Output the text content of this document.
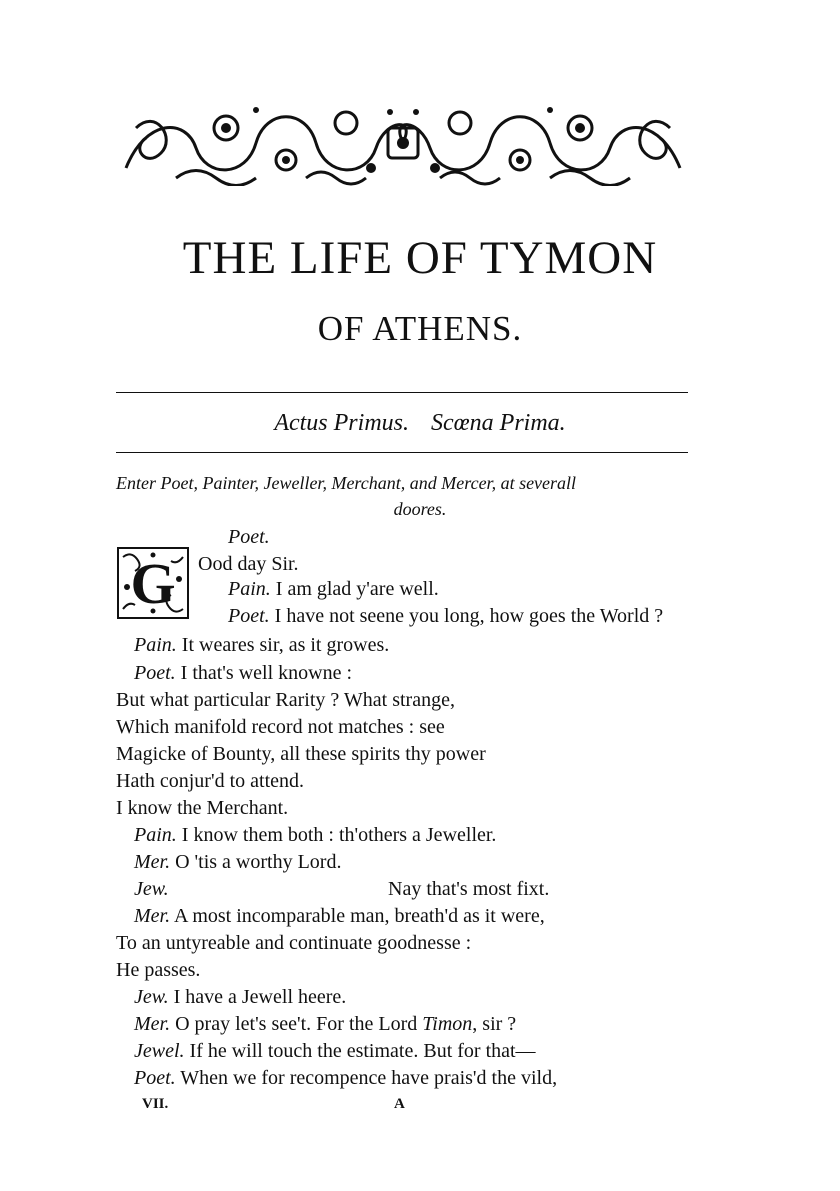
THE LIFE OF TYMON
OF ATHENS.
Actus Primus. Scœna Prima.
Enter Poet, Painter, Jeweller, Merchant, and Mercer, at severall
doores.
Poet.
G Ood day Sir.
Pain. I am glad y'are well.
Poet. I have not seene you long, how goes the World ?
Pain. It weares sir, as it growes.
Poet. I that's well knowne :
But what particular Rarity ? What strange,
Which manifold record not matches : see
Magicke of Bounty, all these spirits thy power
Hath conjur'd to attend.
I know the Merchant.
Pain. I know them both : th'others a Jeweller.
Mer. O 'tis a worthy Lord.
Jew.	Nay that's most fixt.
Mer. A most incomparable man, breath'd as it were,
To an untyreable and continuate goodnesse :
He passes.
Jew. I have a Jewell heere.
Mer. O pray let's see't. For the Lord Timon, sir ?
Jewel. If he will touch the estimate. But for that—
Poet. When we for recompence have prais'd the vild,
VII.	A
